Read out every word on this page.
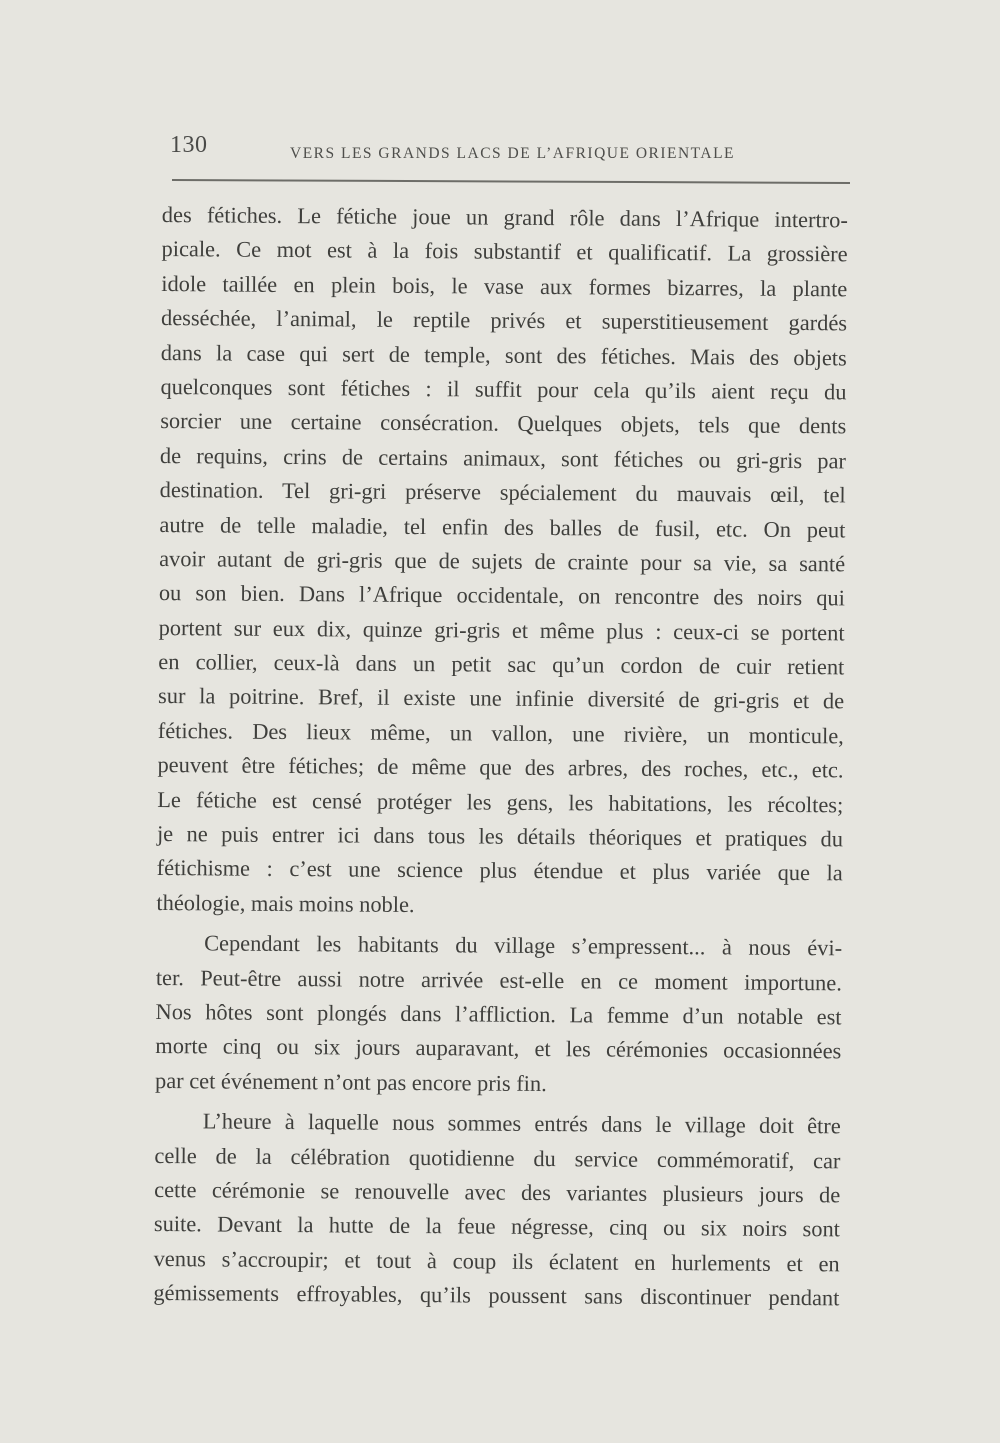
130	VERS LES GRANDS LACS DE L’AFRIQUE ORIENTALE
des fétiches. Le fétiche joue un grand rôle dans l’Afrique intertro-
picale. Ce mot est à la fois substantif et qualificatif. La grossière
idole taillée en plein bois, le vase aux formes bizarres, la plante
desséchée, l’animal, le reptile privés et superstitieusement gardés
dans la case qui sert de temple, sont des fétiches. Mais des objets
quelconques sont fétiches : il suffit pour cela qu’ils aient reçu du
sorcier une certaine consécration. Quelques objets, tels que dents
de requins, crins de certains animaux, sont fétiches ou gri-gris par
destination. Tel gri-gri préserve spécialement du mauvais œil, tel
autre de telle maladie, tel enfin des balles de fusil, etc. On peut
avoir autant de gri-gris que de sujets de crainte pour sa vie, sa santé
ou son bien. Dans l’Afrique occidentale, on rencontre des noirs qui
portent sur eux dix, quinze gri-gris et même plus : ceux-ci se portent
en collier, ceux-là dans un petit sac qu’un cordon de cuir retient
sur la poitrine. Bref, il existe une infinie diversité de gri-gris et de
fétiches. Des lieux même, un vallon, une rivière, un monticule,
peuvent être fétiches; de même que des arbres, des roches, etc., etc.
Le fétiche est censé protéger les gens, les habitations, les récoltes;
je ne puis entrer ici dans tous les détails théoriques et pratiques du
fétichisme : c’est une science plus étendue et plus variée que la
théologie, mais moins noble.
Cependant les habitants du village s’empressent... à nous évi-
ter. Peut-être aussi notre arrivée est-elle en ce moment importune.
Nos hôtes sont plongés dans l’affliction. La femme d’un notable est
morte cinq ou six jours auparavant, et les cérémonies occasionnées
par cet événement n’ont pas encore pris fin.
L’heure à laquelle nous sommes entrés dans le village doit être
celle de la célébration quotidienne du service commémoratif, car
cette cérémonie se renouvelle avec des variantes plusieurs jours de
suite. Devant la hutte de la feue négresse, cinq ou six noirs sont
venus s’accroupir; et tout à coup ils éclatent en hurlements et en
gémissements effroyables, qu’ils poussent sans discontinuer pendant
